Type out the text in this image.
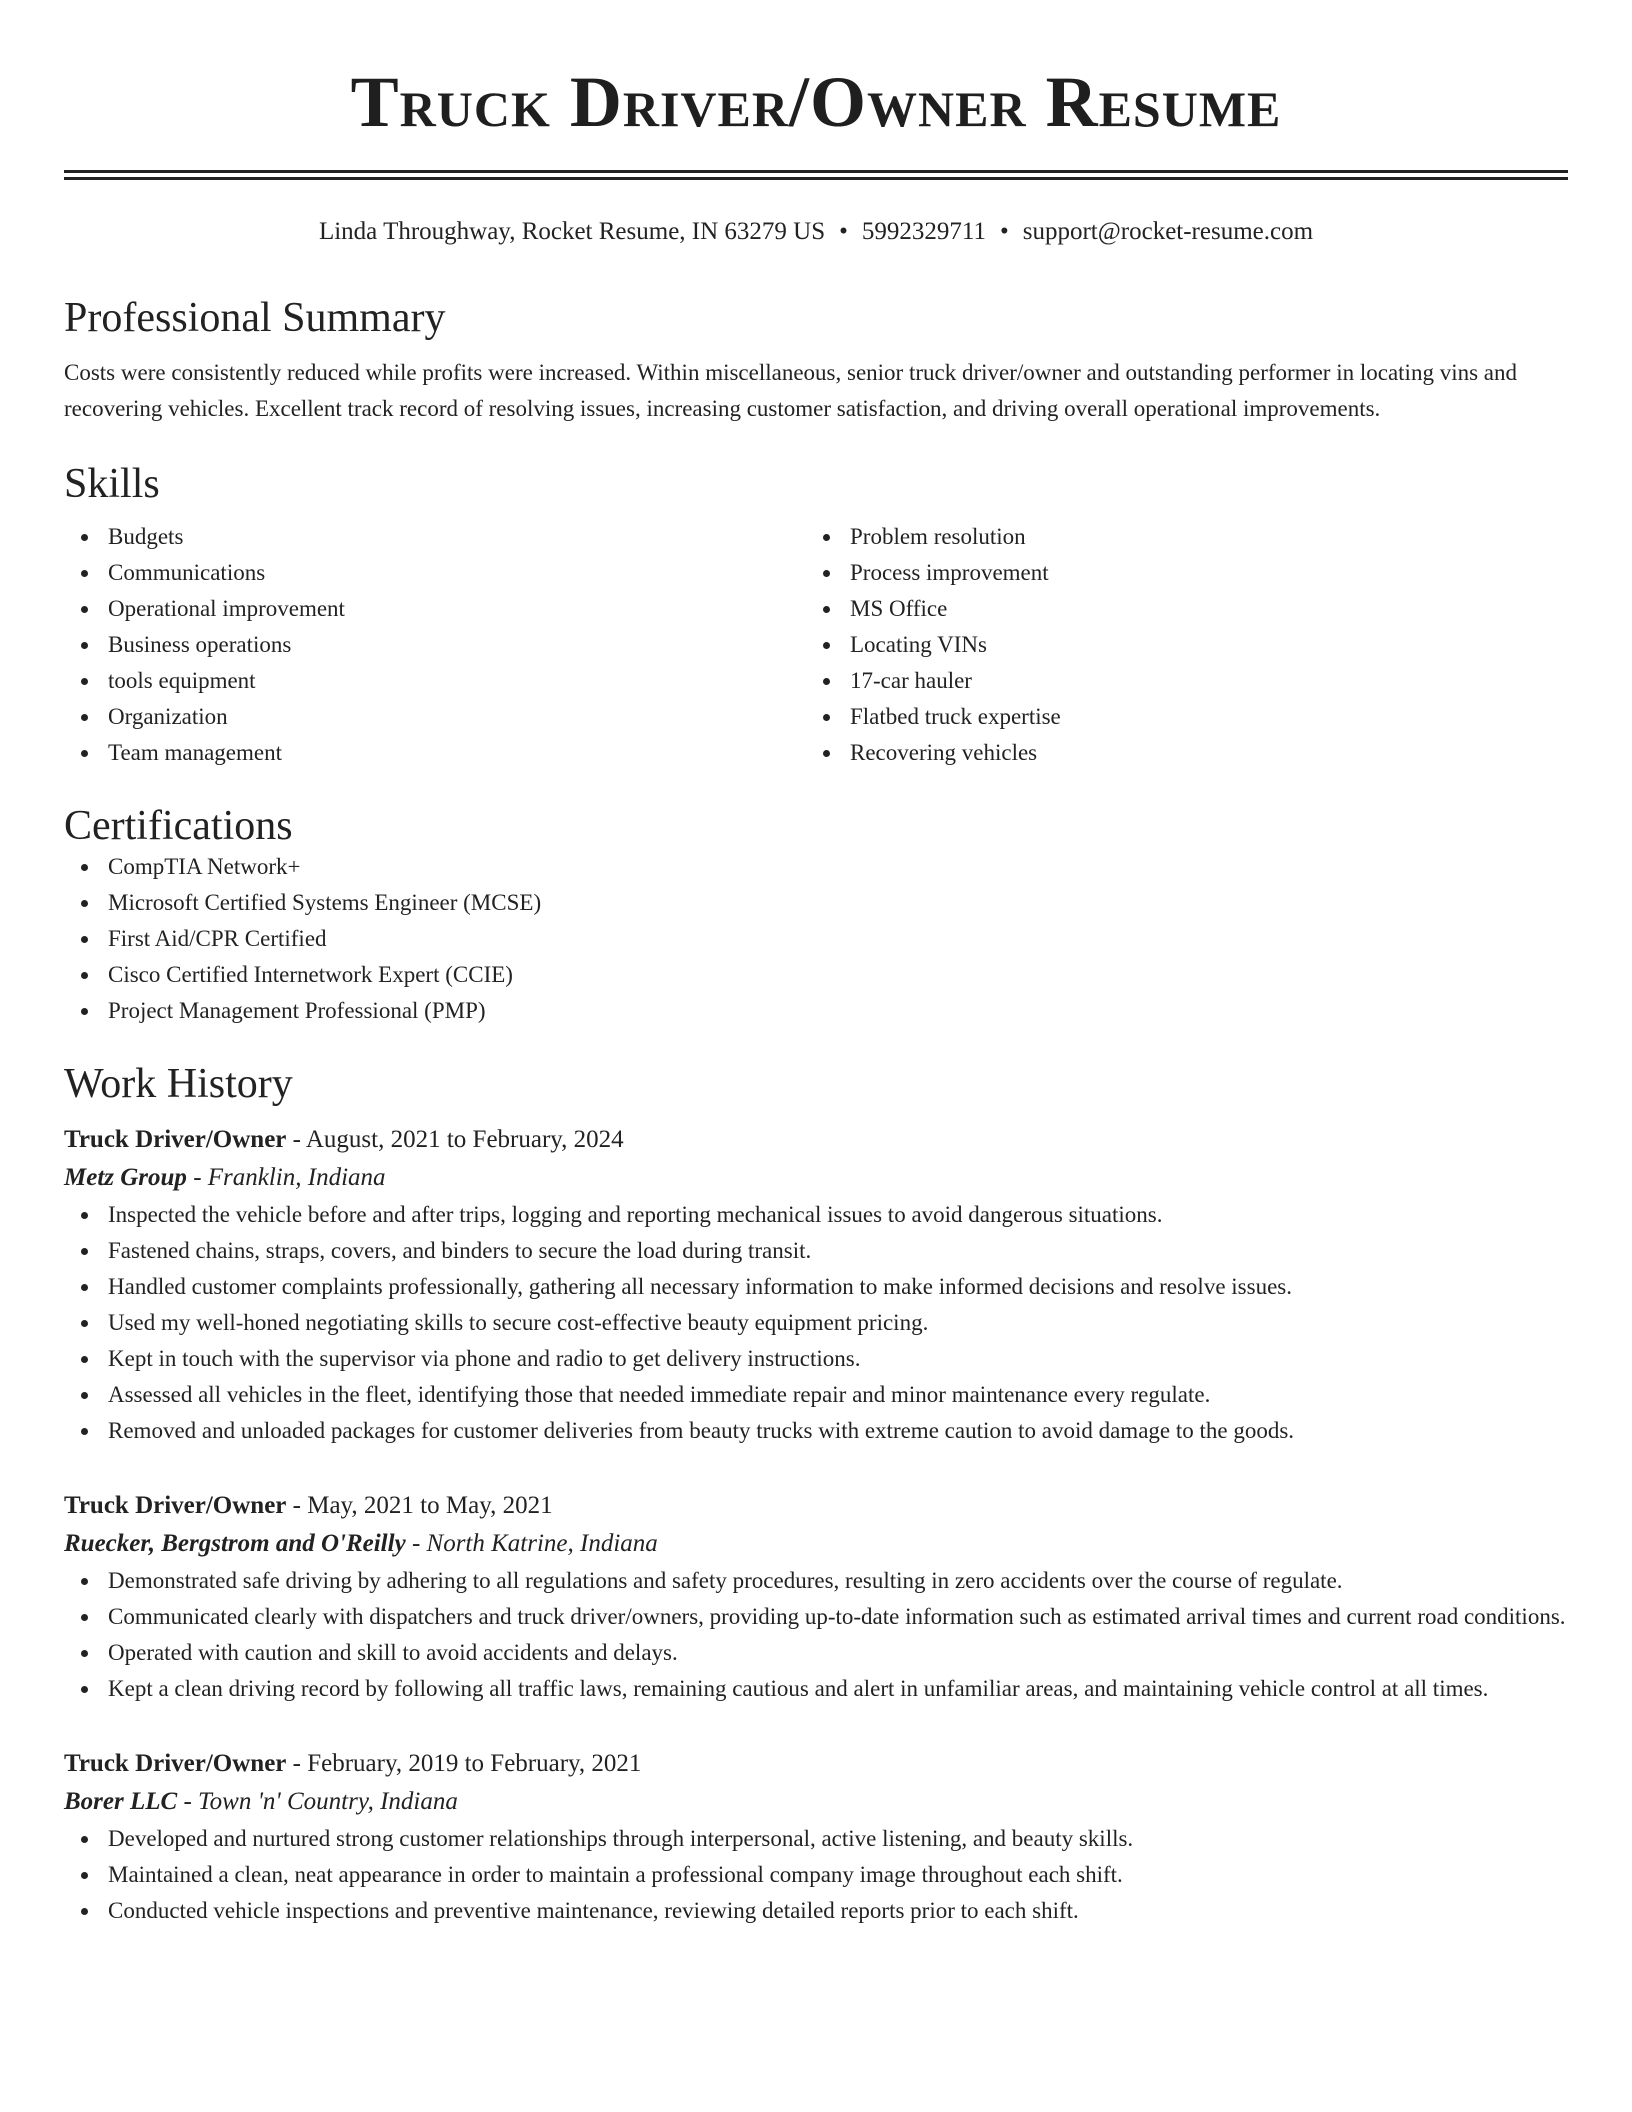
Truck Driver/Owner Resume
Linda Throughway, Rocket Resume, IN 63279 US • 5992329711 • support@rocket-resume.com
Professional Summary

Costs were consistently reduced while profits were increased. Within miscellaneous, senior truck driver/owner and outstanding performer in locating vins and recovering vehicles. Excellent track record of resolving issues, increasing customer satisfaction, and driving overall operational improvements.

Skills
Budgets
Communications
Operational improvement
Business operations
tools equipment
Organization
Team management
Problem resolution
Process improvement
MS Office
Locating VINs
17-car hauler
Flatbed truck expertise
Recovering vehicles
Certifications
CompTIA Network+
Microsoft Certified Systems Engineer (MCSE)
First Aid/CPR Certified
Cisco Certified Internetwork Expert (CCIE)
Project Management Professional (PMP)
Work History
Truck Driver/Owner - August, 2021 to February, 2024
Metz Group - Franklin, Indiana
Inspected the vehicle before and after trips, logging and reporting mechanical issues to avoid dangerous situations.
Fastened chains, straps, covers, and binders to secure the load during transit.
Handled customer complaints professionally, gathering all necessary information to make informed decisions and resolve issues.
Used my well-honed negotiating skills to secure cost-effective beauty equipment pricing.
Kept in touch with the supervisor via phone and radio to get delivery instructions.
Assessed all vehicles in the fleet, identifying those that needed immediate repair and minor maintenance every regulate.
Removed and unloaded packages for customer deliveries from beauty trucks with extreme caution to avoid damage to the goods.
Truck Driver/Owner - May, 2021 to May, 2021
Ruecker, Bergstrom and O'Reilly - North Katrine, Indiana
Demonstrated safe driving by adhering to all regulations and safety procedures, resulting in zero accidents over the course of regulate.
Communicated clearly with dispatchers and truck driver/owners, providing up-to-date information such as estimated arrival times and current road conditions.
Operated with caution and skill to avoid accidents and delays.
Kept a clean driving record by following all traffic laws, remaining cautious and alert in unfamiliar areas, and maintaining vehicle control at all times.
Truck Driver/Owner - February, 2019 to February, 2021
Borer LLC - Town 'n' Country, Indiana
Developed and nurtured strong customer relationships through interpersonal, active listening, and beauty skills.
Maintained a clean, neat appearance in order to maintain a professional company image throughout each shift.
Conducted vehicle inspections and preventive maintenance, reviewing detailed reports prior to each shift.
